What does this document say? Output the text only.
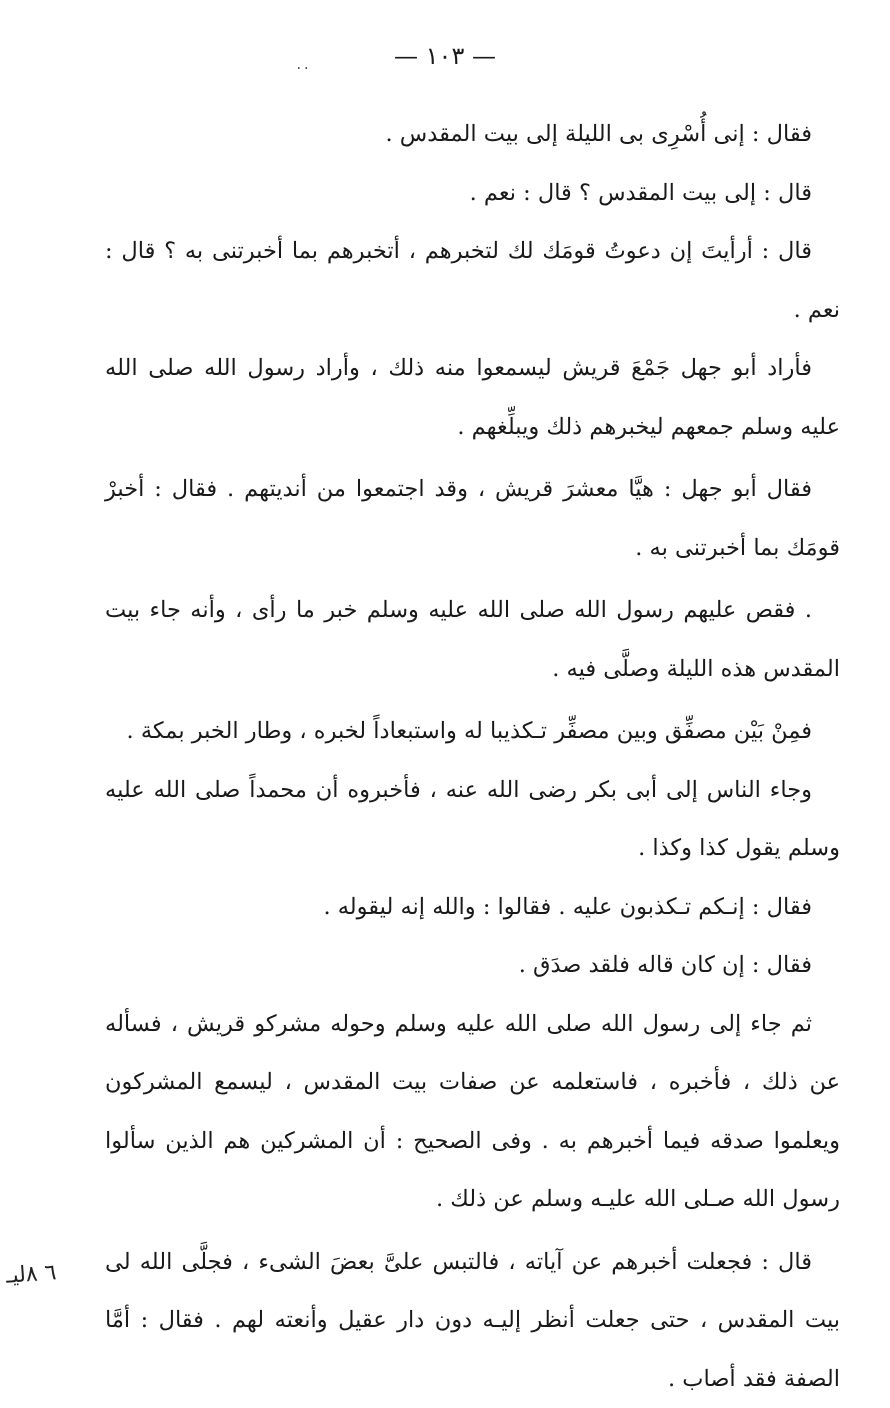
— ١٠٣ —
٠٠

فقال : إنى أُسْرِى بى الليلة إلى بيت المقدس .

قال : إلى بيت المقدس ؟ قال : نعم .

قال : أرأيتَ إن دعوتُ قومَك لك لتخبرهم ، أتخبرهم بما أخبرتنى به ؟ قال : نعم .

فأراد أبو جهل جَمْعَ قريش ليسمعوا منه ذلك ، وأراد رسول الله صلى الله عليه وسلم جمعهم ليخبرهم ذلك ويبلِّغهم .

فقال أبو جهل : هيَّا معشرَ قريش ، وقد اجتمعوا من أنديتهم . فقال : أخبرْ قومَك بما أخبرتنى به .

. فقص عليهم رسول الله صلى الله عليه وسلم خبر ما رأى ، وأنه جاء بيت المقدس هذه الليلة وصلَّى فيه .

فمِنْ بَيْن مصفِّق وبين مصفِّر تـكذيبا له واستبعاداً لخبره ، وطار الخبر بمكة .

وجاء الناس إلى أبى بكر رضى الله عنه ، فأخبروه أن محمداً صلى الله عليه وسلم يقول كذا وكذا .

فقال : إنـكم تـكذبون عليه . فقالوا : والله إنه ليقوله .

فقال : إن كان قاله فلقد صدَق .

ثم جاء إلى رسول الله صلى الله عليه وسلم وحوله مشركو قريش ، فسأله عن ذلك ، فأخبره ، فاستعلمه عن صفات بيت المقدس ، ليسمع المشركون ويعلموا صدقه فيما أخبرهم به . وفى الصحيح : أن المشركين هم الذين سألوا رسول الله صـلى الله عليـه وسلم عن ذلك .

قال : فجعلت أخبرهم عن آياته ، فالتبس علىَّ بعضَ الشىء ، فجلَّى الله لى بيت المقدس ، حتى جعلت أنظر إليـه دون دار عقيل وأنعته لهم . فقال : أمَّا الصفة فقد أصاب .

٦ ٨ليـ
